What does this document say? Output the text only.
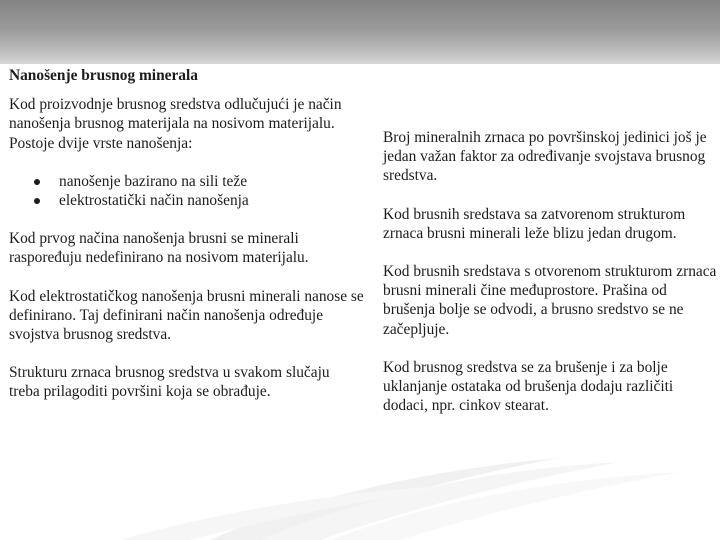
Nanošenje brusnog minerala

Kod proizvodnje brusnog sredstva odlučujući je način nanošenja brusnog materijala na nosivom materijalu. Postoje dvije vrste nanošenja:

nanošenje bazirano na sili teže
elektrostatički način nanošenja

Kod prvog načina nanošenja brusni se minerali raspoređuju nedefinirano na nosivom materijalu.

Kod elektrostatičkog nanošenja brusni minerali nanose se definirano. Taj definirani način nanošenja određuje svojstva brusnog sredstva.

Strukturu zrnaca brusnog sredstva u svakom slučaju treba prilagoditi površini koja se obrađuje.

Broj mineralnih zrnaca po površinskoj jedinici još je jedan važan faktor za određivanje svojstava brusnog sredstva.

Kod brusnih sredstava sa zatvorenom strukturom zrnaca brusni minerali leže blizu jedan drugom.

Kod brusnih sredstava s otvorenom strukturom zrnaca brusni minerali čine međuprostore. Prašina od brušenja bolje se odvodi, a brusno sredstvo se ne začepljuje.

Kod brusnog sredstva se za brušenje i za bolje uklanjanje ostataka od brušenja dodaju različiti dodaci, npr. cinkov stearat.
